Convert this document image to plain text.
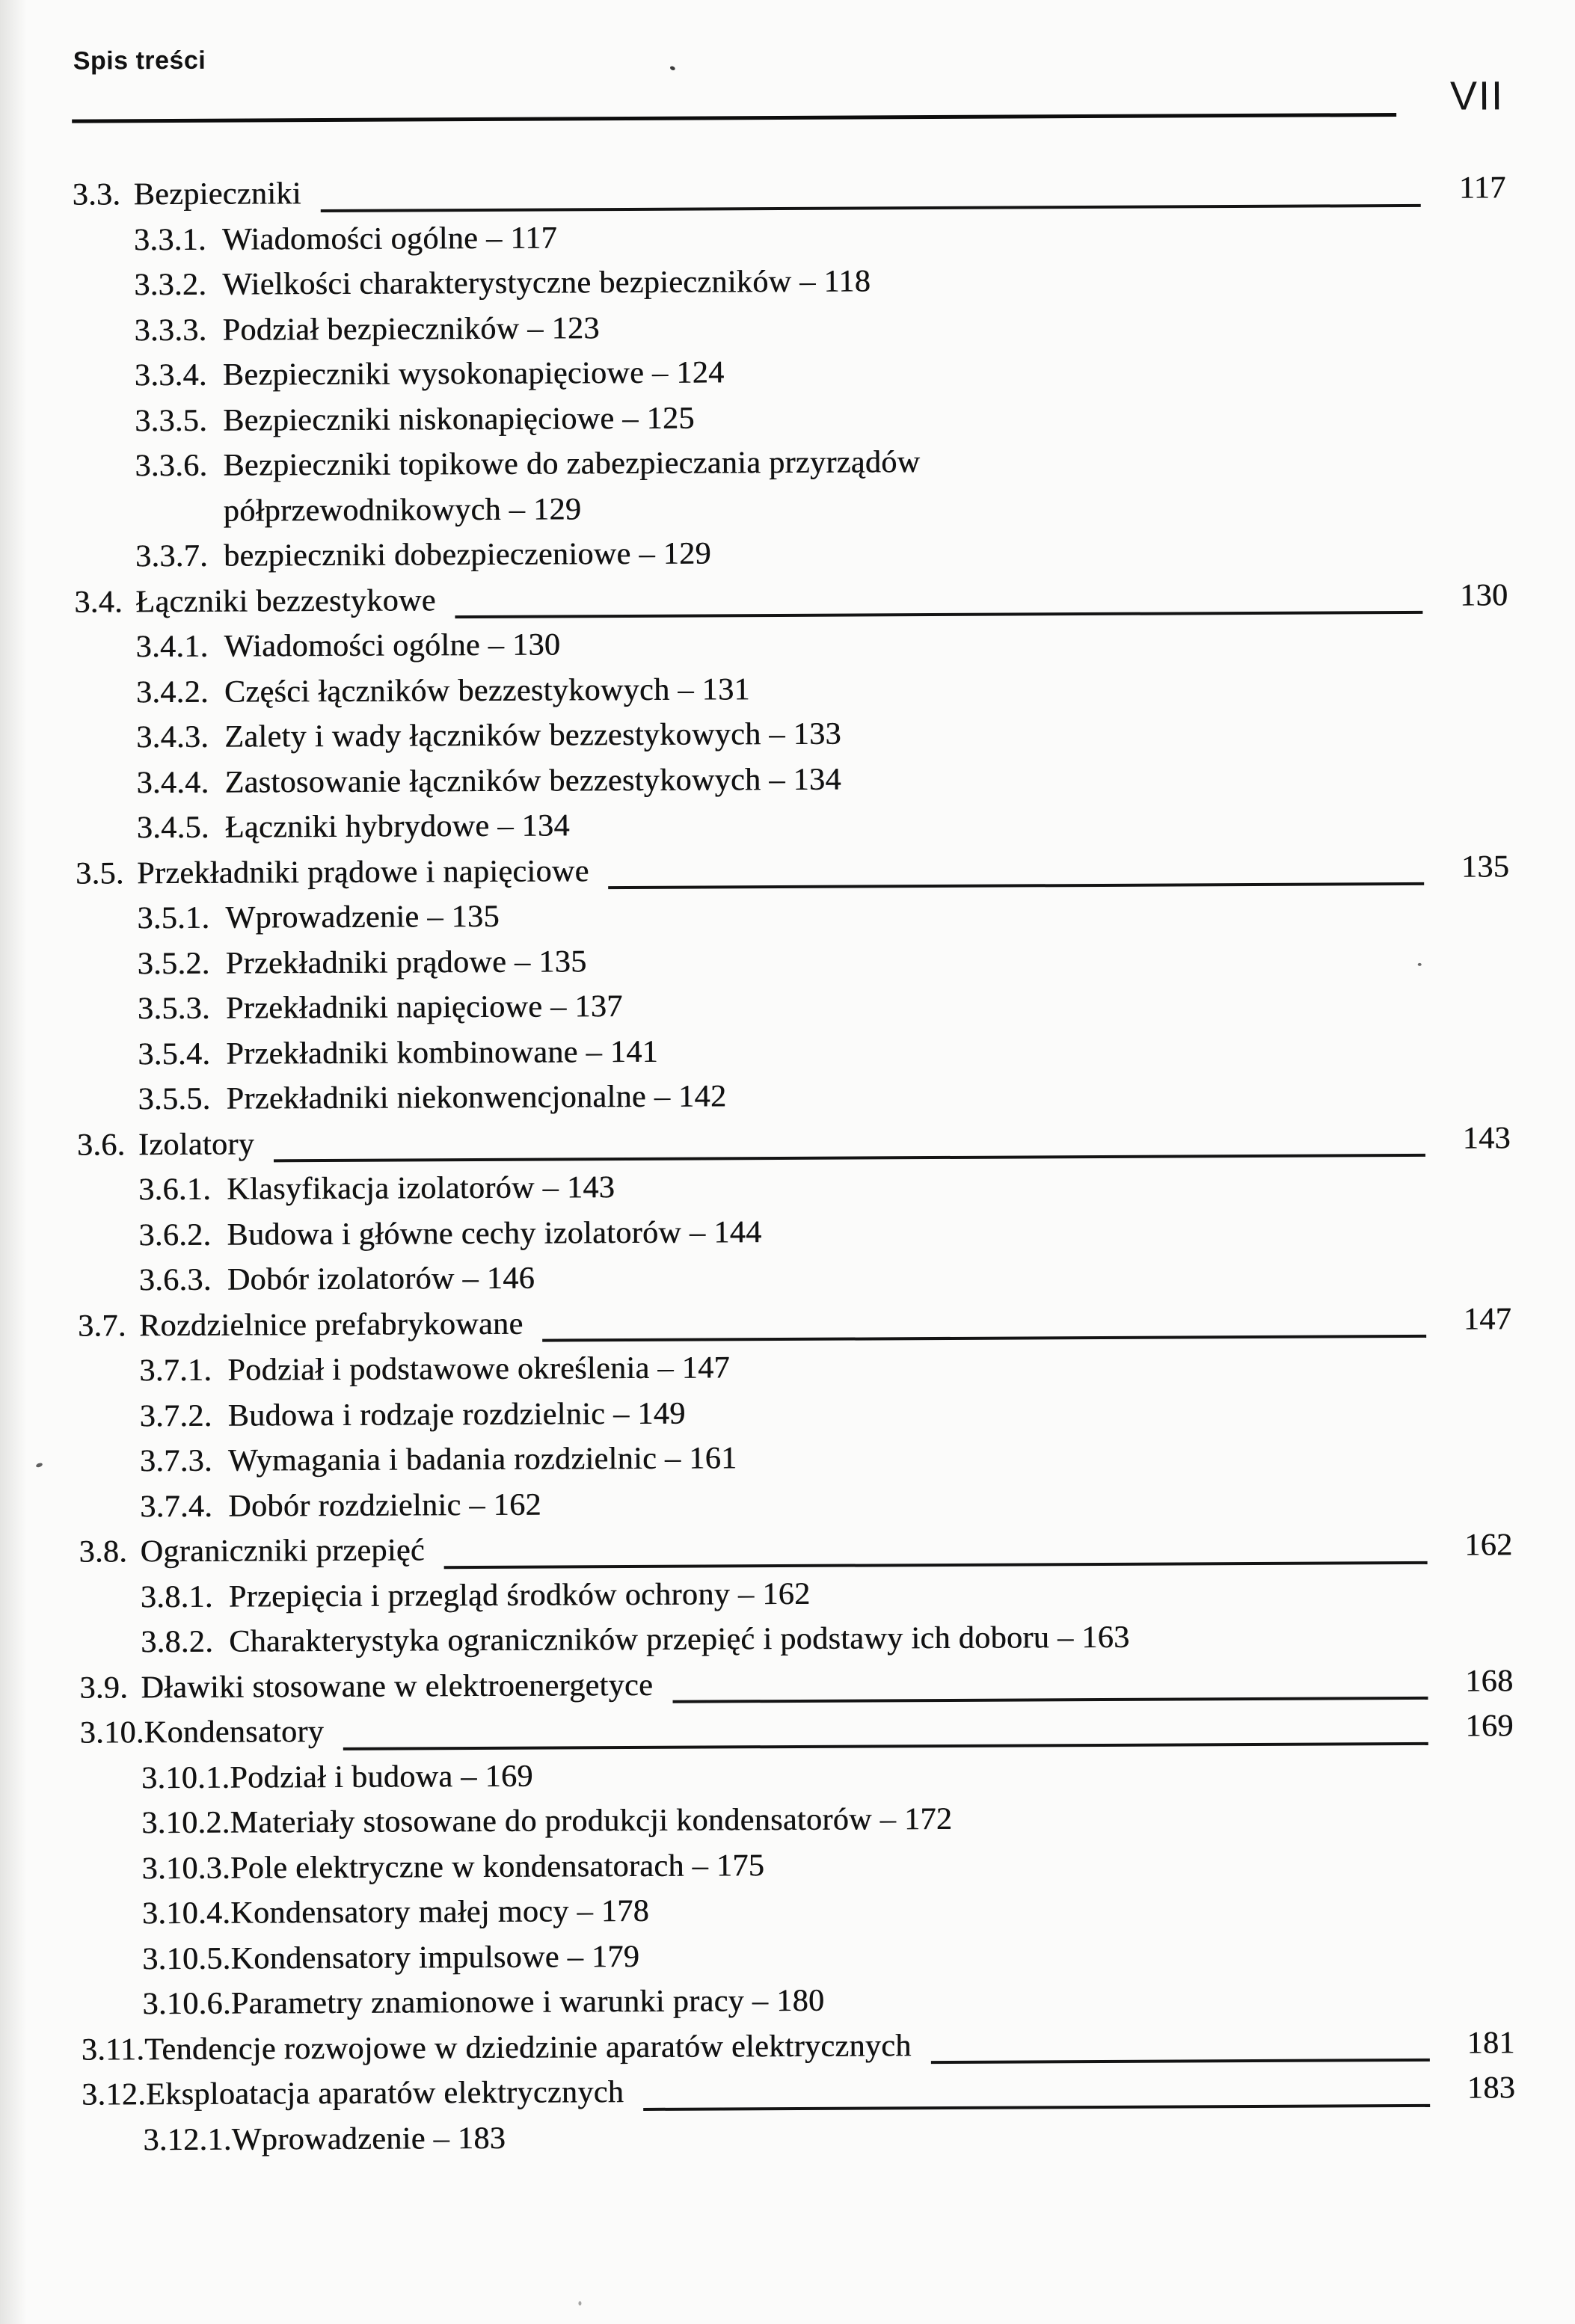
Spis treści
VII
3.3. Bezpieczniki	117
3.3.1. Wiadomości ogólne – 117
3.3.2. Wielkości charakterystyczne bezpieczników – 118
3.3.3. Podział bezpieczników – 123
3.3.4. Bezpieczniki wysokonapięciowe – 124
3.3.5. Bezpieczniki niskonapięciowe – 125
3.3.6. Bezpieczniki topikowe do zabezpieczania przyrządów
półprzewodnikowych – 129
3.3.7. bezpieczniki dobezpieczeniowe – 129
3.4. Łączniki bezzestykowe	130
3.4.1. Wiadomości ogólne – 130
3.4.2. Części łączników bezzestykowych – 131
3.4.3. Zalety i wady łączników bezzestykowych – 133
3.4.4. Zastosowanie łączników bezzestykowych – 134
3.4.5. Łączniki hybrydowe – 134
3.5. Przekładniki prądowe i napięciowe	135
3.5.1. Wprowadzenie – 135
3.5.2. Przekładniki prądowe – 135
3.5.3. Przekładniki napięciowe – 137
3.5.4. Przekładniki kombinowane – 141
3.5.5. Przekładniki niekonwencjonalne – 142
3.6. Izolatory	143
3.6.1. Klasyfikacja izolatorów – 143
3.6.2. Budowa i główne cechy izolatorów – 144
3.6.3. Dobór izolatorów – 146
3.7. Rozdzielnice prefabrykowane	147
3.7.1. Podział i podstawowe określenia – 147
3.7.2. Budowa i rodzaje rozdzielnic – 149
3.7.3. Wymagania i badania rozdzielnic – 161
3.7.4. Dobór rozdzielnic – 162
3.8. Ograniczniki przepięć	162
3.8.1. Przepięcia i przegląd środków ochrony – 162
3.8.2. Charakterystyka ograniczników przepięć i podstawy ich doboru – 163
3.9. Dławiki stosowane w elektroenergetyce	168
3.10. Kondensatory	169
3.10.1. Podział i budowa – 169
3.10.2. Materiały stosowane do produkcji kondensatorów – 172
3.10.3. Pole elektryczne w kondensatorach – 175
3.10.4. Kondensatory małej mocy – 178
3.10.5. Kondensatory impulsowe – 179
3.10.6. Parametry znamionowe i warunki pracy – 180
3.11. Tendencje rozwojowe w dziedzinie aparatów elektrycznych	181
3.12. Eksploatacja aparatów elektrycznych	183
3.12.1. Wprowadzenie – 183
